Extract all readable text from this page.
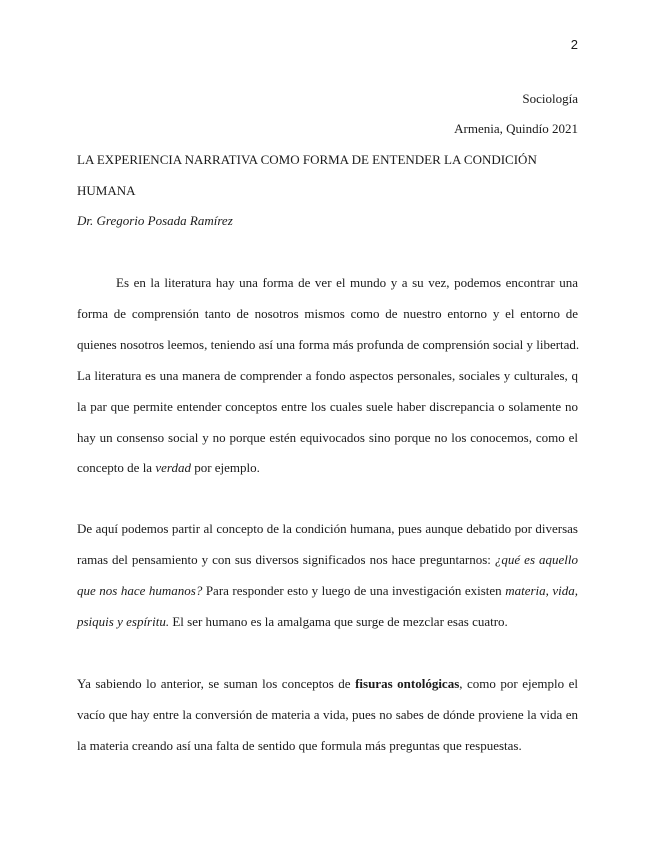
2
Sociología
Armenia, Quindío 2021
LA EXPERIENCIA NARRATIVA COMO FORMA DE ENTENDER LA CONDICIÓN
HUMANA
Dr. Gregorio Posada Ramírez
Es en la literatura hay una forma de ver el mundo y a su vez, podemos encontrar una
forma de comprensión tanto de nosotros mismos como de nuestro entorno y el entorno de
quienes nosotros leemos, teniendo así una forma más profunda de comprensión social y libertad.
La literatura es una manera de comprender a fondo aspectos personales, sociales y culturales, q
la par que permite entender conceptos entre los cuales suele haber discrepancia o solamente no
hay un consenso social y no porque estén equivocados sino porque no los conocemos, como el
concepto de la verdad por ejemplo.
De aquí podemos partir al concepto de la condición humana, pues aunque debatido por diversas
ramas del pensamiento y con sus diversos significados nos hace preguntarnos: ¿qué es aquello
que nos hace humanos? Para responder esto y luego de una investigación existen materia, vida,
psiquis y espíritu. El ser humano es la amalgama que surge de mezclar esas cuatro.
Ya sabiendo lo anterior, se suman los conceptos de fisuras ontológicas, como por ejemplo el
vacío que hay entre la conversión de materia a vida, pues no sabes de dónde proviene la vida en
la materia creando así una falta de sentido que formula más preguntas que respuestas.
